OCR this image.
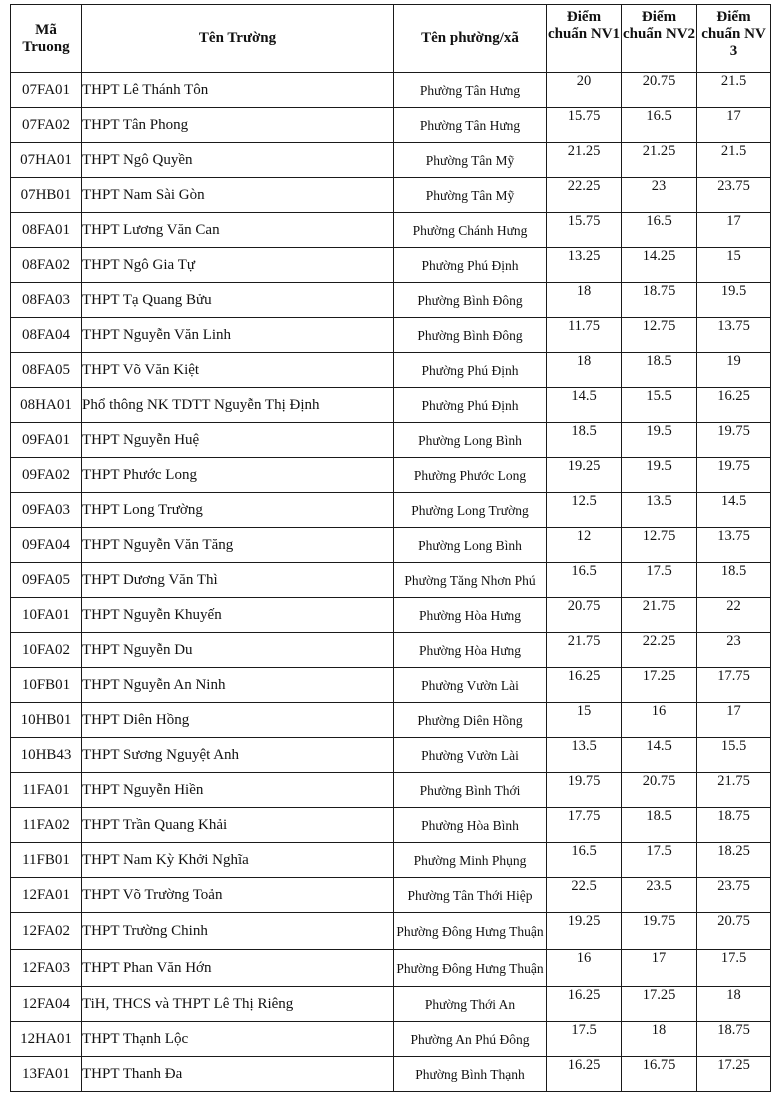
Mã Truong	Tên Trường	Tên phường/xã	Điểm chuẩn NV1	Điểm chuẩn NV2	Điểm chuẩn NV 3
07FA01	THPT Lê Thánh Tôn	Phường Tân Hưng	20	20.75	21.5
07FA02	THPT Tân Phong	Phường Tân Hưng	15.75	16.5	17
07HA01	THPT Ngô Quyền	Phường Tân Mỹ	21.25	21.25	21.5
07HB01	THPT Nam Sài Gòn	Phường Tân Mỹ	22.25	23	23.75
08FA01	THPT Lương Văn Can	Phường Chánh Hưng	15.75	16.5	17
08FA02	THPT Ngô Gia Tự	Phường Phú Định	13.25	14.25	15
08FA03	THPT Tạ Quang Bửu	Phường Bình Đông	18	18.75	19.5
08FA04	THPT Nguyễn Văn Linh	Phường Bình Đông	11.75	12.75	13.75
08FA05	THPT Võ Văn Kiệt	Phường Phú Định	18	18.5	19
08HA01	Phổ thông NK TDTT Nguyễn Thị Định	Phường Phú Định	14.5	15.5	16.25
09FA01	THPT Nguyễn Huệ	Phường Long Bình	18.5	19.5	19.75
09FA02	THPT Phước Long	Phường Phước Long	19.25	19.5	19.75
09FA03	THPT Long Trường	Phường Long Trường	12.5	13.5	14.5
09FA04	THPT Nguyễn Văn Tăng	Phường Long Bình	12	12.75	13.75
09FA05	THPT Dương Văn Thì	Phường Tăng Nhơn Phú	16.5	17.5	18.5
10FA01	THPT Nguyễn Khuyến	Phường Hòa Hưng	20.75	21.75	22
10FA02	THPT Nguyễn Du	Phường Hòa Hưng	21.75	22.25	23
10FB01	THPT Nguyễn An Ninh	Phường Vườn Lài	16.25	17.25	17.75
10HB01	THPT Diên Hồng	Phường Diên Hồng	15	16	17
10HB43	THPT Sương Nguyệt Anh	Phường Vườn Lài	13.5	14.5	15.5
11FA01	THPT Nguyễn Hiền	Phường Bình Thới	19.75	20.75	21.75
11FA02	THPT Trần Quang Khải	Phường Hòa Bình	17.75	18.5	18.75
11FB01	THPT Nam Kỳ Khởi Nghĩa	Phường Minh Phụng	16.5	17.5	18.25
12FA01	THPT Võ Trường Toản	Phường Tân Thới Hiệp	22.5	23.5	23.75
12FA02	THPT Trường Chinh	Phường Đông Hưng Thuận	19.25	19.75	20.75
12FA03	THPT Phan Văn Hớn	Phường Đông Hưng Thuận	16	17	17.5
12FA04	TiH, THCS và THPT Lê Thị Riêng	Phường Thới An	16.25	17.25	18
12HA01	THPT Thạnh Lộc	Phường An Phú Đông	17.5	18	18.75
13FA01	THPT Thanh Đa	Phường Bình Thạnh	16.25	16.75	17.25
